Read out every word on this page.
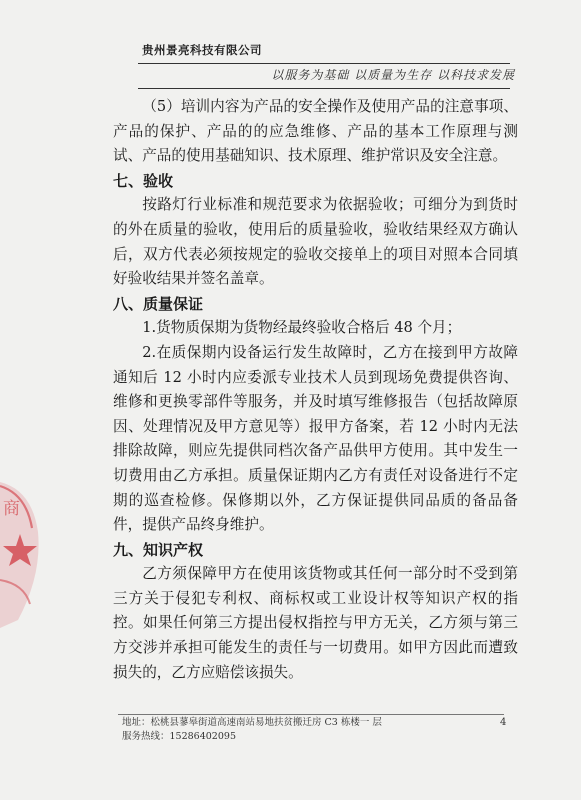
贵州景亮科技有限公司
以服务为基础 以质量为生存 以科技求发展
商

（5）培训内容为产品的安全操作及使用产品的注意事项、产品的保护、产品的的应急维修、产品的基本工作原理与测试、产品的使用基础知识、技术原理、维护常识及安全注意。

七、验收

按路灯行业标准和规范要求为依据验收；可细分为到货时的外在质量的验收，使用后的质量验收，验收结果经双方确认后，双方代表必须按规定的验收交接单上的项目对照本合同填好验收结果并签名盖章。

八、质量保证

1.货物质保期为货物经最终验收合格后 48 个月；

2.在质保期内设备运行发生故障时，乙方在接到甲方故障通知后 12 小时内应委派专业技术人员到现场免费提供咨询、维修和更换零部件等服务，并及时填写维修报告（包括故障原因、处理情况及甲方意见等）报甲方备案，若 12 小时内无法排除故障，则应先提供同档次备产品供甲方使用。其中发生一切费用由乙方承担。质量保证期内乙方有责任对设备进行不定期的巡查检修。保修期以外，乙方保证提供同品质的备品备件，提供产品终身维护。

九、知识产权

乙方须保障甲方在使用该货物或其任何一部分时不受到第三方关于侵犯专利权、商标权或工业设计权等知识产权的指控。如果任何第三方提出侵权指控与甲方无关，乙方须与第三方交涉并承担可能发生的责任与一切费用。如甲方因此而遭致损失的，乙方应赔偿该损失。

地址：松桃县蓼皋街道高速南站易地扶贫搬迁房 C3 栋楼一 层
服务热线：15286402095
4
